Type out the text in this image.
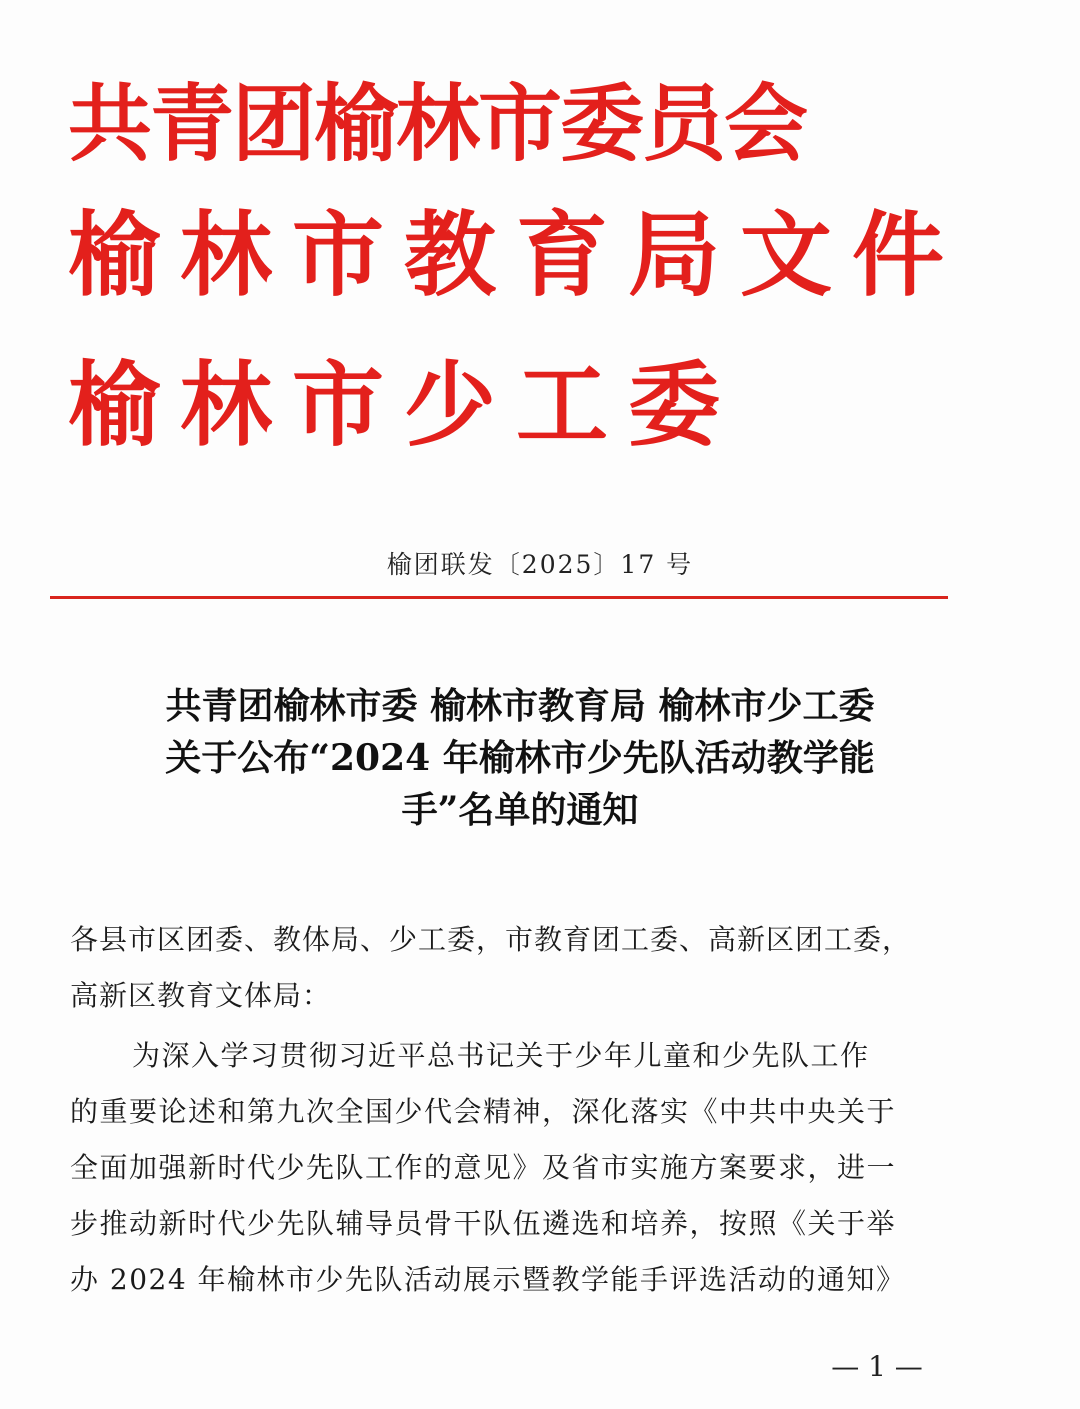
共青团榆林市委员会
榆林市教育局文件
榆林市少工委
榆团联发〔2025〕17 号
共青团榆林市委 榆林市教育局 榆林市少工委
关于公布“2024 年榆林市少先队活动教学能
手”名单的通知
各县市区团委、教体局、少工委，市教育团工委、高新区团工委，
高新区教育文体局：
为深入学习贯彻习近平总书记关于少年儿童和少先队工作
的重要论述和第九次全国少代会精神，深化落实《中共中央关于
全面加强新时代少先队工作的意见》及省市实施方案要求，进一
步推动新时代少先队辅导员骨干队伍遴选和培养，按照《关于举
办 2024 年榆林市少先队活动展示暨教学能手评选活动的通知》
— 1 —
